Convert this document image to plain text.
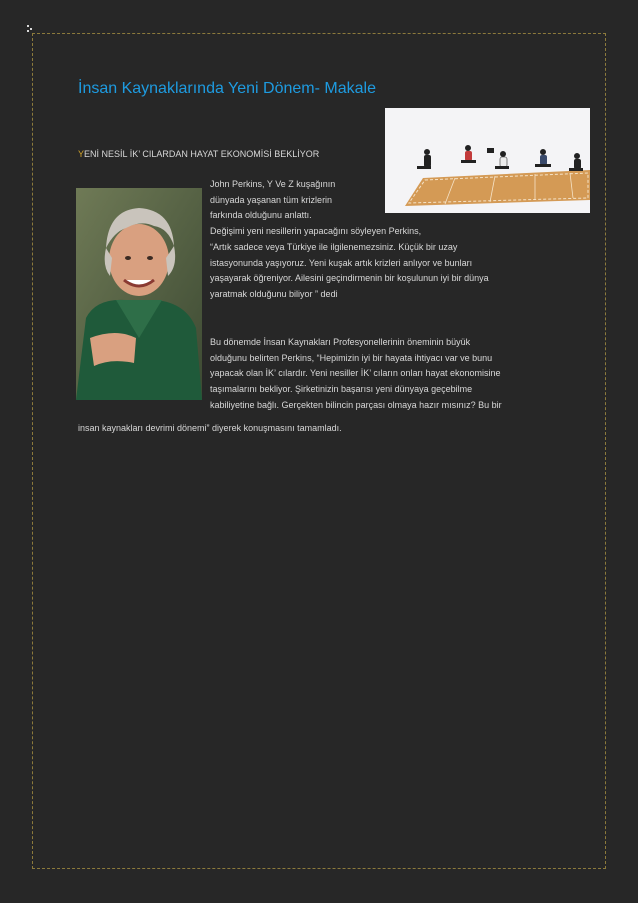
İnsan Kaynaklarında Yeni Dönem- Makale
YENİ NESİL İK’ CILARDAN HAYAT EKONOMİSİ BEKLİYOR
John Perkins, Y Ve Z kuşağının
dünyada yaşanan tüm krizlerin
farkında olduğunu anlattı.
Değişimi yeni nesillerin yapacağını söyleyen Perkins,
“Artık sadece veya Türkiye ile ilgilenemezsiniz. Küçük bir uzay
istasyonunda yaşıyoruz. Yeni kuşak artık krizleri anlıyor ve bunları
yaşayarak öğreniyor. Ailesini geçindirmenin bir koşulunun iyi bir dünya
yaratmak olduğunu biliyor ” dedi
Bu dönemde İnsan Kaynakları Profesyonellerinin öneminin büyük
olduğunu belirten Perkins, “Hepimizin iyi bir hayata ihtiyacı var ve bunu
yapacak olan İK’ cılardır. Yeni nesiller İK’ cıların onları hayat ekonomisine
taşımalarını bekliyor. Şirketinizin başarısı yeni dünyaya geçebilme
kabiliyetine bağlı. Gerçekten bilincin parçası olmaya hazır mısınız? Bu bir
insan kaynakları devrimi dönemi” diyerek konuşmasını tamamladı.
